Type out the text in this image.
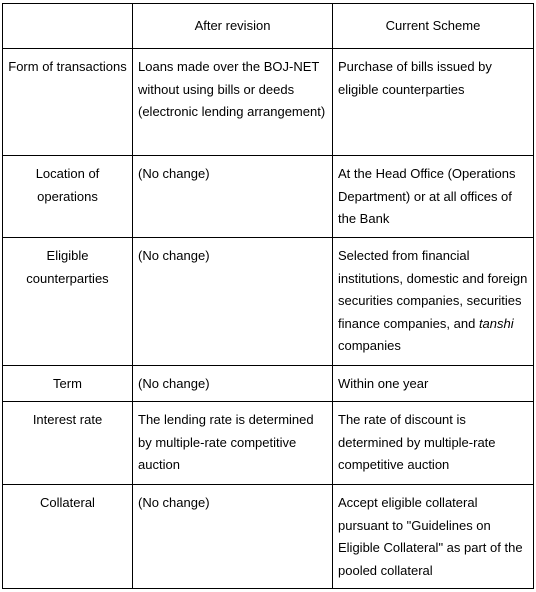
	After revision	Current Scheme
Form of transactions	Loans made over the BOJ-NET without using bills or deeds (electronic lending arrangement)	Purchase of bills issued by eligible counterparties
Location of operations	(No change)	At the Head Office (Operations Department) or at all offices of the Bank
Eligible counterparties	(No change)	Selected from financial institutions, domestic and foreign securities companies, securities finance companies, and tanshi companies
Term	(No change)	Within one year
Interest rate	The lending rate is determined by multiple-rate competitive auction	The rate of discount is determined by multiple-rate competitive auction
Collateral	(No change)	Accept eligible collateral pursuant to "Guidelines on Eligible Collateral" as part of the pooled collateral
